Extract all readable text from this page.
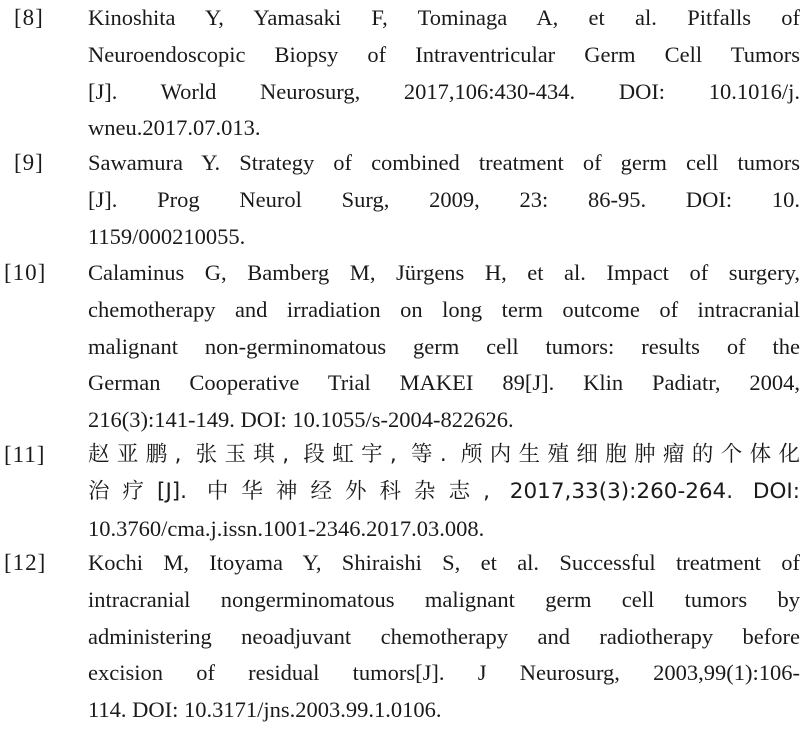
[8] Kinoshita Y, Yamasaki F, Tominaga A, et al. Pitfalls of
Neuroendoscopic Biopsy of Intraventricular Germ Cell Tumors
[J]. World Neurosurg, 2017,106:430-434. DOI: 10.1016/j.
wneu.2017.07.013.
[9] Sawamura Y. Strategy of combined treatment of germ cell tumors
[J]. Prog Neurol Surg, 2009, 23: 86-95. DOI: 10.
1159/000210055.
[10] Calaminus G, Bamberg M, Jürgens H, et al. Impact of surgery,
chemotherapy and irradiation on long term outcome of intracranial
malignant non-germinomatous germ cell tumors: results of the
German Cooperative Trial MAKEI 89[J]. Klin Padiatr, 2004,
216(3):141-149. DOI: 10.1055/s-2004-822626.
[11] 赵亚鹏, 张玉琪, 段虹宇, 等. 颅内生殖细胞肿瘤的个体化
治疗[J]. 中华神经外科杂志, 2017,33(3):260-264. DOI:
10.3760/cma.j.issn.1001-2346.2017.03.008.
[12] Kochi M, Itoyama Y, Shiraishi S, et al. Successful treatment of
intracranial nongerminomatous malignant germ cell tumors by
administering neoadjuvant chemotherapy and radiotherapy before
excision of residual tumors[J]. J Neurosurg, 2003,99(1):106-
114. DOI: 10.3171/jns.2003.99.1.0106.
